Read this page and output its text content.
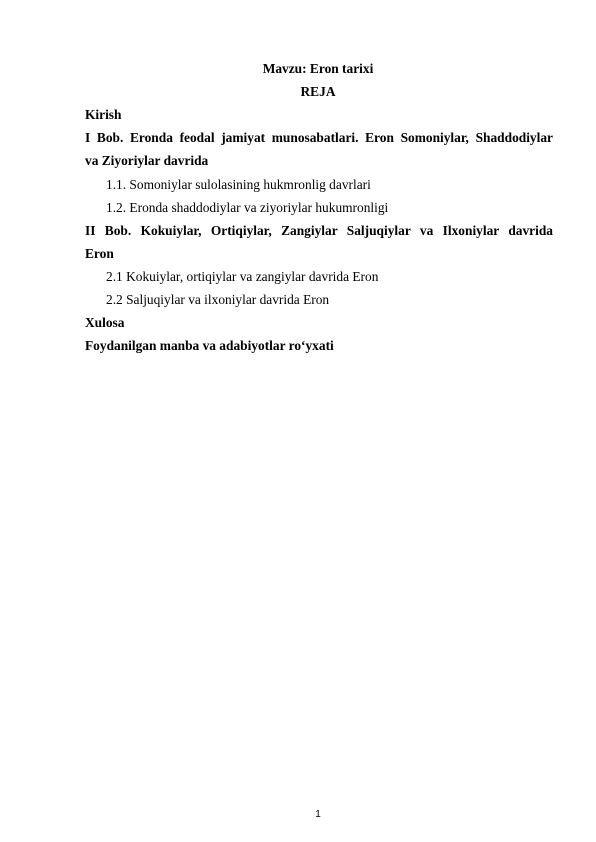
Mavzu: Eron tarixi
REJA
Kirish
I Bob. Eronda feodal jamiyat munosabatlari. Eron Somoniylar, Shaddodiylar
va Ziyoriylar davrida
1.1. Somoniylar sulolasining hukmronlig davrlari
1.2. Eronda shaddodiylar va ziyoriylar hukumronligi
II Bob. Kokuiylar, Ortiqiylar, Zangiylar Saljuqiylar va Ilxoniylar davrida
Eron
2.1 Kokuiylar, ortiqiylar va zangiylar davrida Eron
2.2 Saljuqiylar va ilxoniylar davrida Eron
Xulosa
Foydanilgan manba va adabiyotlar ro‘yxati
1
